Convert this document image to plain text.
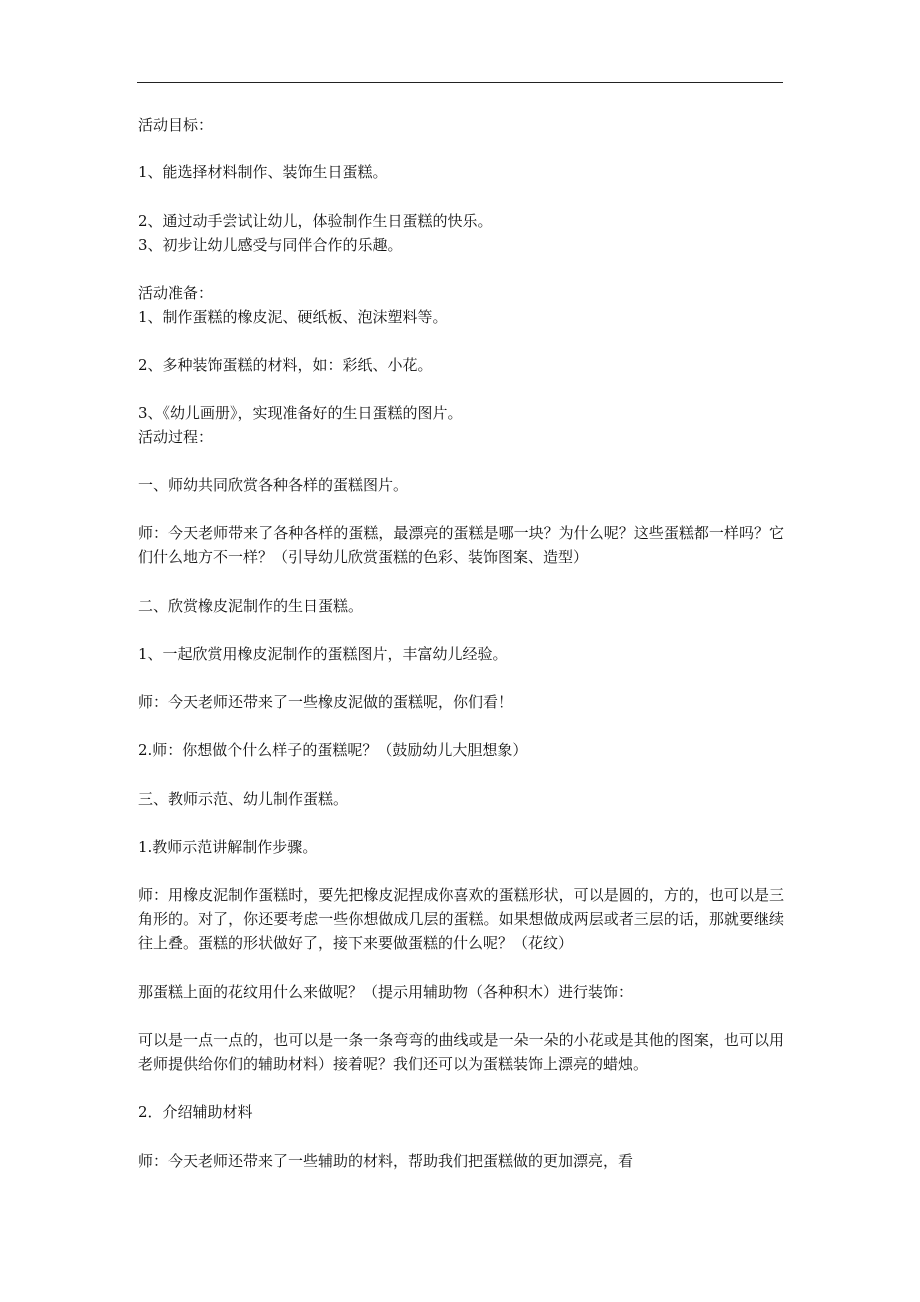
活动目标：
1、能选择材料制作、装饰生日蛋糕。
2、通过动手尝试让幼儿，体验制作生日蛋糕的快乐。
3、初步让幼儿感受与同伴合作的乐趣。
活动准备：
1、制作蛋糕的橡皮泥、硬纸板、泡沫塑料等。
2、多种装饰蛋糕的材料，如：彩纸、小花。
3、《幼儿画册》，实现准备好的生日蛋糕的图片。
活动过程：
一、师幼共同欣赏各种各样的蛋糕图片。
师：今天老师带来了各种各样的蛋糕，最漂亮的蛋糕是哪一块？为什么呢？这些蛋糕都一样吗？它们什么地方不一样？（引导幼儿欣赏蛋糕的色彩、装饰图案、造型）
二、欣赏橡皮泥制作的生日蛋糕。
1、一起欣赏用橡皮泥制作的蛋糕图片，丰富幼儿经验。
师：今天老师还带来了一些橡皮泥做的蛋糕呢，你们看！
2.师：你想做个什么样子的蛋糕呢？（鼓励幼儿大胆想象）
三、教师示范、幼儿制作蛋糕。
1.教师示范讲解制作步骤。
师：用橡皮泥制作蛋糕时，要先把橡皮泥捏成你喜欢的蛋糕形状，可以是圆的，方的，也可以是三角形的。对了，你还要考虑一些你想做成几层的蛋糕。如果想做成两层或者三层的话，那就要继续往上叠。蛋糕的形状做好了，接下来要做蛋糕的什么呢？（花纹）
那蛋糕上面的花纹用什么来做呢？（提示用辅助物（各种积木）进行装饰：
可以是一点一点的，也可以是一条一条弯弯的曲线或是一朵一朵的小花或是其他的图案，也可以用老师提供给你们的辅助材料）接着呢？我们还可以为蛋糕装饰上漂亮的蜡烛。
2．介绍辅助材料
师：今天老师还带来了一些辅助的材料，帮助我们把蛋糕做的更加漂亮，看
